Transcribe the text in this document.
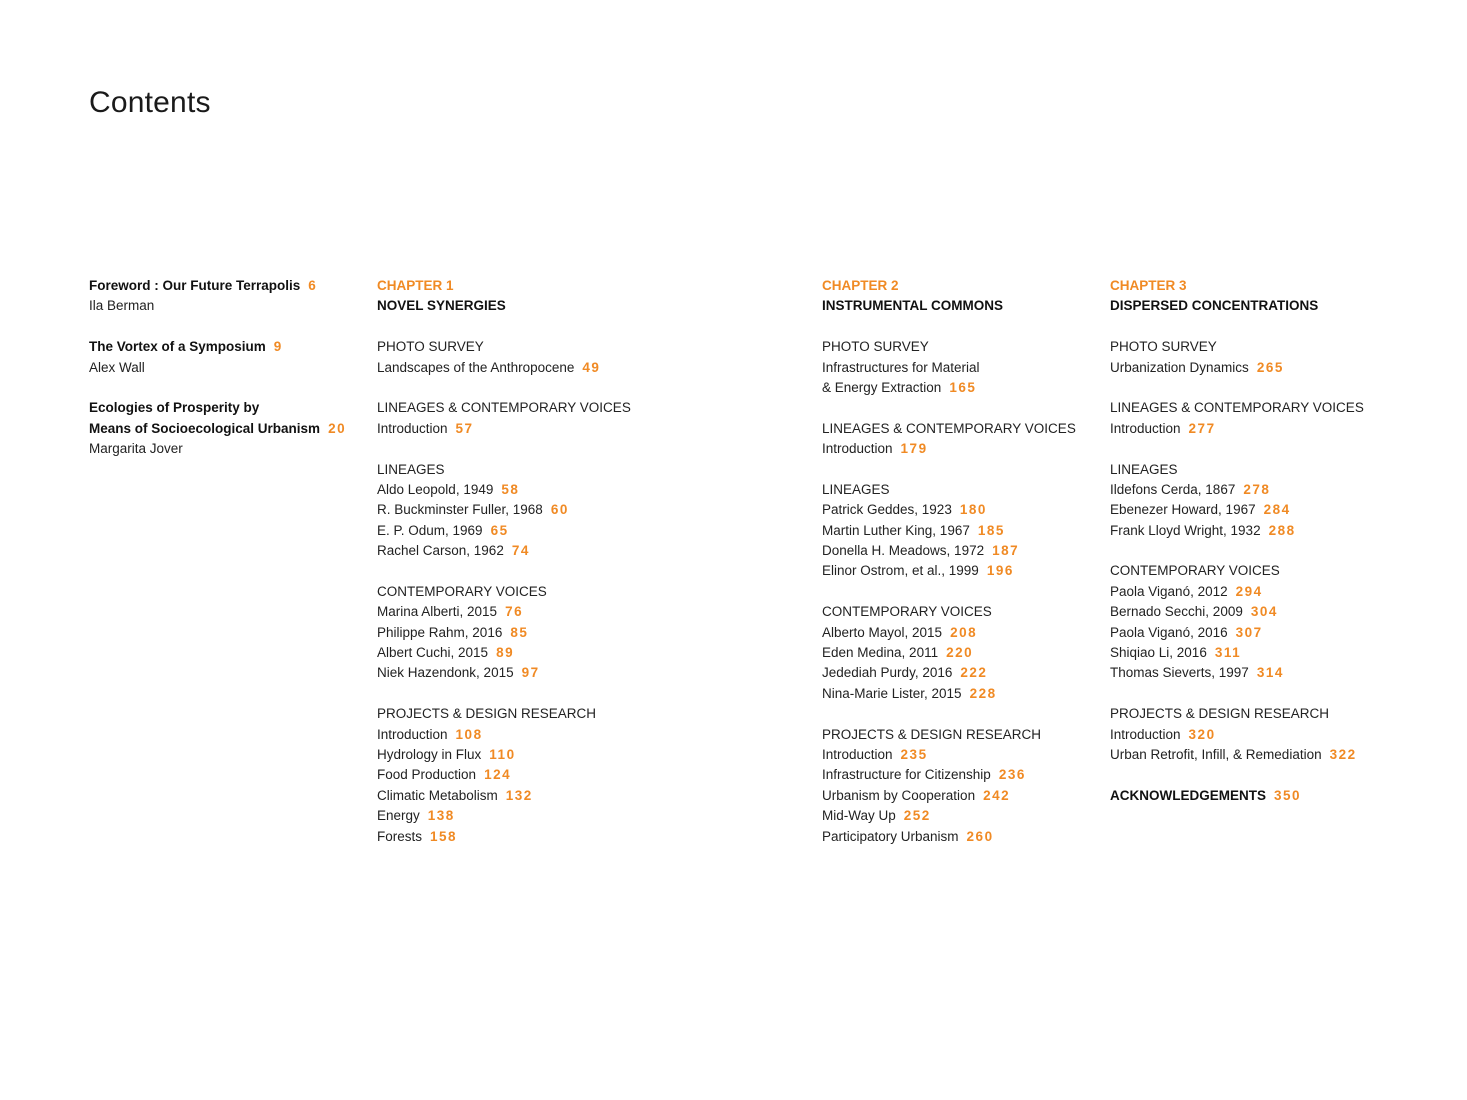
Contents
Foreword : Our Future Terrapolis 6
Ila Berman
The Vortex of a Symposium 9
Alex Wall
Ecologies of Prosperity by
Means of Socioecological Urbanism 20
Margarita Jover
CHAPTER 1
NOVEL SYNERGIES
PHOTO SURVEY
Landscapes of the Anthropocene 49
LINEAGES & CONTEMPORARY VOICES
Introduction 57
LINEAGES
Aldo Leopold, 1949 58
R. Buckminster Fuller, 1968 60
E. P. Odum, 1969 65
Rachel Carson, 1962 74
CONTEMPORARY VOICES
Marina Alberti, 2015 76
Philippe Rahm, 2016 85
Albert Cuchi, 2015 89
Niek Hazendonk, 2015 97
PROJECTS & DESIGN RESEARCH
Introduction 108
Hydrology in Flux 110
Food Production 124
Climatic Metabolism 132
Energy 138
Forests 158
CHAPTER 2
INSTRUMENTAL COMMONS
PHOTO SURVEY
Infrastructures for Material
& Energy Extraction 165
LINEAGES & CONTEMPORARY VOICES
Introduction 179
LINEAGES
Patrick Geddes, 1923 180
Martin Luther King, 1967 185
Donella H. Meadows, 1972 187
Elinor Ostrom, et al., 1999 196
CONTEMPORARY VOICES
Alberto Mayol, 2015 208
Eden Medina, 2011 220
Jedediah Purdy, 2016 222
Nina-Marie Lister, 2015 228
PROJECTS & DESIGN RESEARCH
Introduction 235
Infrastructure for Citizenship 236
Urbanism by Cooperation 242
Mid-Way Up 252
Participatory Urbanism 260
CHAPTER 3
DISPERSED CONCENTRATIONS
PHOTO SURVEY
Urbanization Dynamics 265
LINEAGES & CONTEMPORARY VOICES
Introduction 277
LINEAGES
Ildefons Cerda, 1867 278
Ebenezer Howard, 1967 284
Frank Lloyd Wright, 1932 288
CONTEMPORARY VOICES
Paola Viganó, 2012 294
Bernado Secchi, 2009 304
Paola Viganó, 2016 307
Shiqiao Li, 2016 311
Thomas Sieverts, 1997 314
PROJECTS & DESIGN RESEARCH
Introduction 320
Urban Retrofit, Infill, & Remediation 322
ACKNOWLEDGEMENTS 350
